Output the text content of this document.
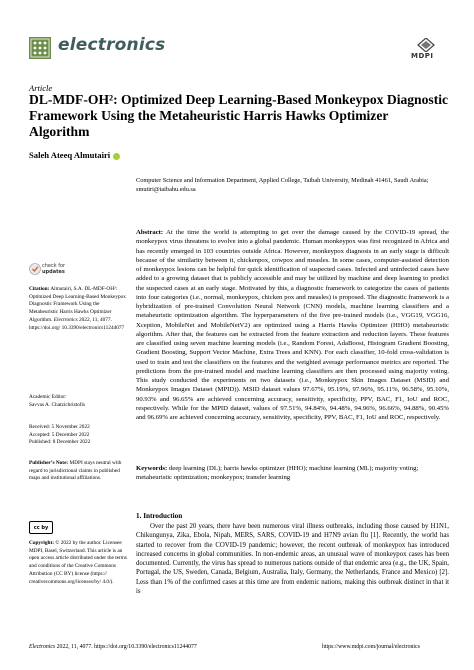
electronics
MDPI
Article
DL-MDF-OH²: Optimized Deep Learning-Based Monkeypox Diagnostic Framework Using the Metaheuristic Harris Hawks Optimizer Algorithm
Saleh Ateeq Almutairi
Computer Science and Information Department, Applied College, Taibah University, Medinah 41461, Saudi Arabia; smutiri@taibahu.edu.sa
check for
updates
Citation: Almutairi, S.A. DL-MDF-OH²: Optimized Deep Learning-Based Monkeypox Diagnostic Framework Using the Metaheuristic Harris Hawks Optimizer Algorithm. Electronics 2022, 11, 4077. https://doi.org/ 10.3390/electronics11244077
Academic Editor:
Savvas A. Chatzichristofis
Received: 5 November 2022
Accepted: 5 December 2022
Published: 8 December 2022
Publisher’s Note: MDPI stays neutral with regard to jurisdictional claims in published maps and institutional affiliations.
cc by
Copyright: © 2022 by the author. Licensee MDPI, Basel, Switzerland. This article is an open access article distributed under the terms and conditions of the Creative Commons Attribution (CC BY) license (https:// creativecommons.org/licenses/by/ 4.0/).
Abstract: At the time the world is attempting to get over the damage caused by the COVID-19 spread, the monkeypox virus threatens to evolve into a global pandemic. Human monkeypox was first recognized in Africa and has recently emerged in 103 countries outside Africa. However, monkeypox diagnosis in an early stage is difficult because of the similarity between it, chickenpox, cowpox and measles. In some cases, computer-assisted detection of monkeypox lesions can be helpful for quick identification of suspected cases. Infected and uninfected cases have added to a growing dataset that is publicly accessible and may be utilized by machine and deep learning to predict the suspected cases at an early stage. Motivated by this, a diagnostic framework to categorize the cases of patients into four categories (i.e., normal, monkeypox, chicken pox and measles) is proposed. The diagnostic framework is a hybridization of pre-trained Convolution Neural Network (CNN) models, machine learning classifiers and a metaheuristic optimization algorithm. The hyperparameters of the five pre-trained models (i.e., VGG19, VGG16, Xception, MobileNet and MobileNetV2) are optimized using a Harris Hawks Optimizer (HHO) metaheuristic algorithm. After that, the features can be extracted from the feature extraction and reduction layers. These features are classified using seven machine learning models (i.e., Random Forest, AdaBoost, Histogram Gradient Boosting, Gradient Boosting, Support Vector Machine, Extra Trees and KNN). For each classifier, 10-fold cross-validation is used to train and test the classifiers on the features and the weighted average performance metrics are reported. The predictions from the pre-trained model and machine learning classifiers are then processed using majority voting. This study conducted the experiments on two datasets (i.e., Monkeypox Skin Images Dataset (MSID) and Monkeypox Images Dataset (MPID)). MSID dataset values 97.67%, 95.19%, 97.96%, 95.11%, 96.58%, 95.10%, 90.93% and 96.65% are achieved concerning accuracy, sensitivity, specificity, PPV, BAC, F1, IoU and ROC, respectively. While for the MPID dataset, values of 97.51%, 94.84%, 94.48%, 94.96%, 96.66%, 94.88%, 90.45% and 96.69% are achieved concerning accuracy, sensitivity, specificity, PPV, BAC, F1, IoU and ROC, respectively.
Keywords: deep learning (DL); harris hawks optimizer (HHO); machine learning (ML); majority voting; metaheuristic optimization; monkeypox; transfer learning
1. Introduction
Over the past 20 years, there have been numerous viral illness outbreaks, including those caused by H1N1, Chikungunya, Zika, Ebola, Nipah, MERS, SARS, COVID-19 and H7N9 avian flu [1]. Recently, the world has started to recover from the COVID-19 pandemic; however, the recent outbreak of monkeypox has introduced increased concerns in global communities. In non-endemic areas, an unusual wave of monkeypox cases has been documented. Currently, the virus has spread to numerous nations outside of that endemic area (e.g., the UK, Spain, Portugal, the US, Sweden, Canada, Belgium, Australia, Italy, Germany, the Netherlands, France and Mexico) [2]. Less than 1% of the confirmed cases at this time are from endemic nations, making this outbreak distinct in that it is
Electronics 2022, 11, 4077. https://doi.org/10.3390/electronics11244077	https://www.mdpi.com/journal/electronics
